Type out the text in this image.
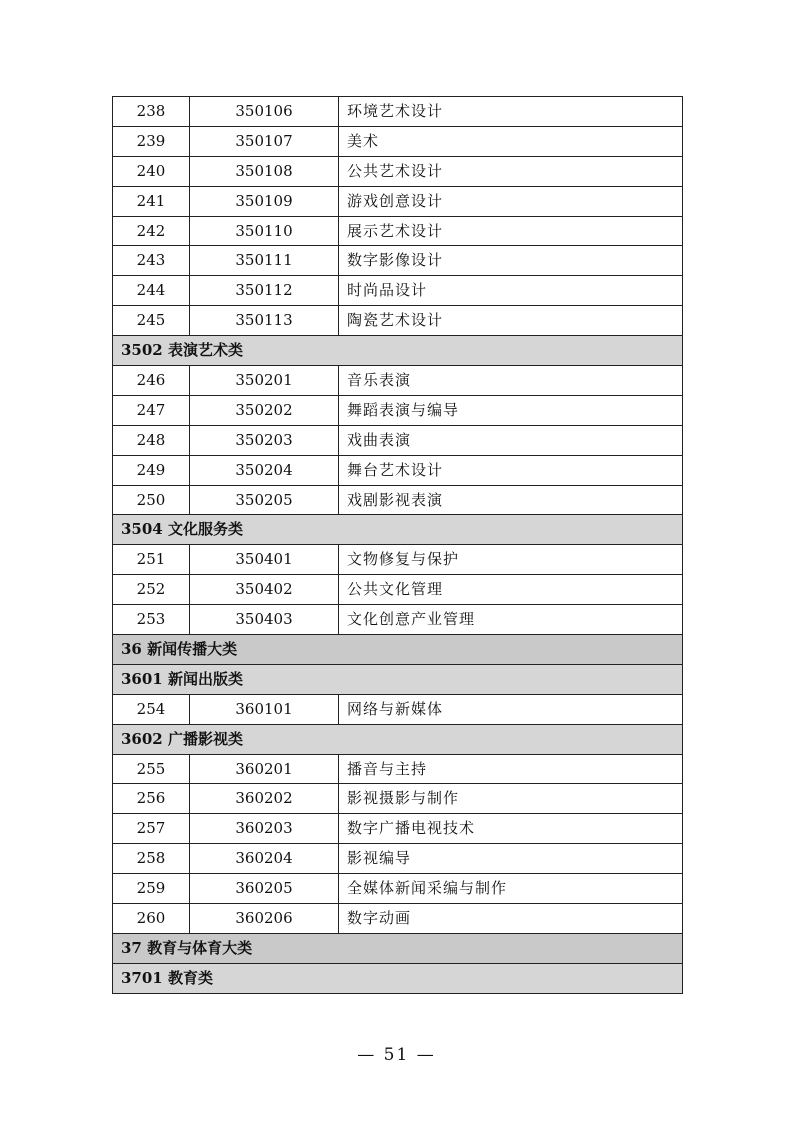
238	350106	环境艺术设计
239	350107	美术
240	350108	公共艺术设计
241	350109	游戏创意设计
242	350110	展示艺术设计
243	350111	数字影像设计
244	350112	时尚品设计
245	350113	陶瓷艺术设计
3502 表演艺术类		
246	350201	音乐表演
247	350202	舞蹈表演与编导
248	350203	戏曲表演
249	350204	舞台艺术设计
250	350205	戏剧影视表演
3504 文化服务类		
251	350401	文物修复与保护
252	350402	公共文化管理
253	350403	文化创意产业管理
36 新闻传播大类		
3601 新闻出版类		
254	360101	网络与新媒体
3602 广播影视类		
255	360201	播音与主持
256	360202	影视摄影与制作
257	360203	数字广播电视技术
258	360204	影视编导
259	360205	全媒体新闻采编与制作
260	360206	数字动画
37 教育与体育大类		
3701 教育类		
— 51 —
